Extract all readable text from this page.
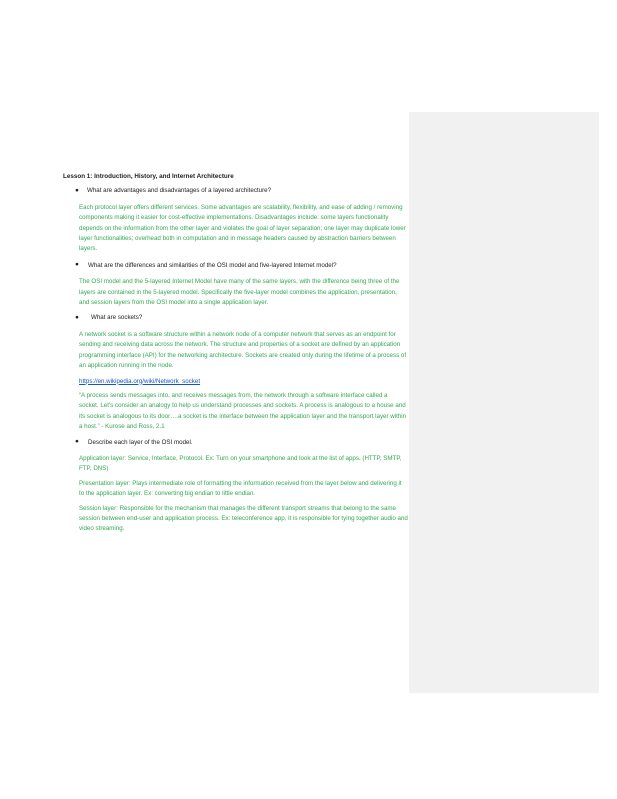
Lesson 1: Introduction, History, and Internet Architecture
● What are advantages and disadvantages of a layered architecture?
Each protocol layer offers different services. Some advantages are scalability, flexibility, and ease of adding / removing components making it easier for cost-effective implementations. Disadvantages include: some layers functionality depends on the information from the other layer and violates the goal of layer separation; one layer may duplicate lower layer functionalities; overhead both in computation and in message headers caused by abstraction barriers between layers.
● What are the differences and similarities of the OSI model and five-layered Internet model?
The OSI model and the 5-layered Internet Model have many of the same layers, with the difference being three of the layers are contained in the 5-layered model. Specifically the five-layer model combines the application, presentation, and session layers from the OSI model into a single application layer.
● What are sockets?
A network socket is a software structure within a network node of a computer network that serves as an endpoint for sending and receiving data across the network. The structure and properties of a socket are defined by an application programming interface (API) for the networking architecture. Sockets are created only during the lifetime of a process of an application running in the node.
https://en.wikipedia.org/wiki/Network_socket
“A process sends messages into, and receives messages from, the network through a software interface called a socket. Let’s consider an analogy to help us understand processes and sockets. A process is analogous to a house and its socket is analogous to its door….a socket is the interface between the application layer and the transport layer within a host.” - Kurose and Ross, 2.1
● Describe each layer of the OSI model.
Application layer: Service, Interface, Protocol. Ex: Turn on your smartphone and look at the list of apps. (HTTP, SMTP, FTP, DNS)
Presentation layer: Plays intermediate role of formatting the information received from the layer below and delivering it to the application layer. Ex: converting big endian to little endian.
Session layer: Responsible for the mechanism that manages the different transport streams that belong to the same session between end-user and application process. Ex: teleconference app, it is responsible for tying together audio and video streaming.
